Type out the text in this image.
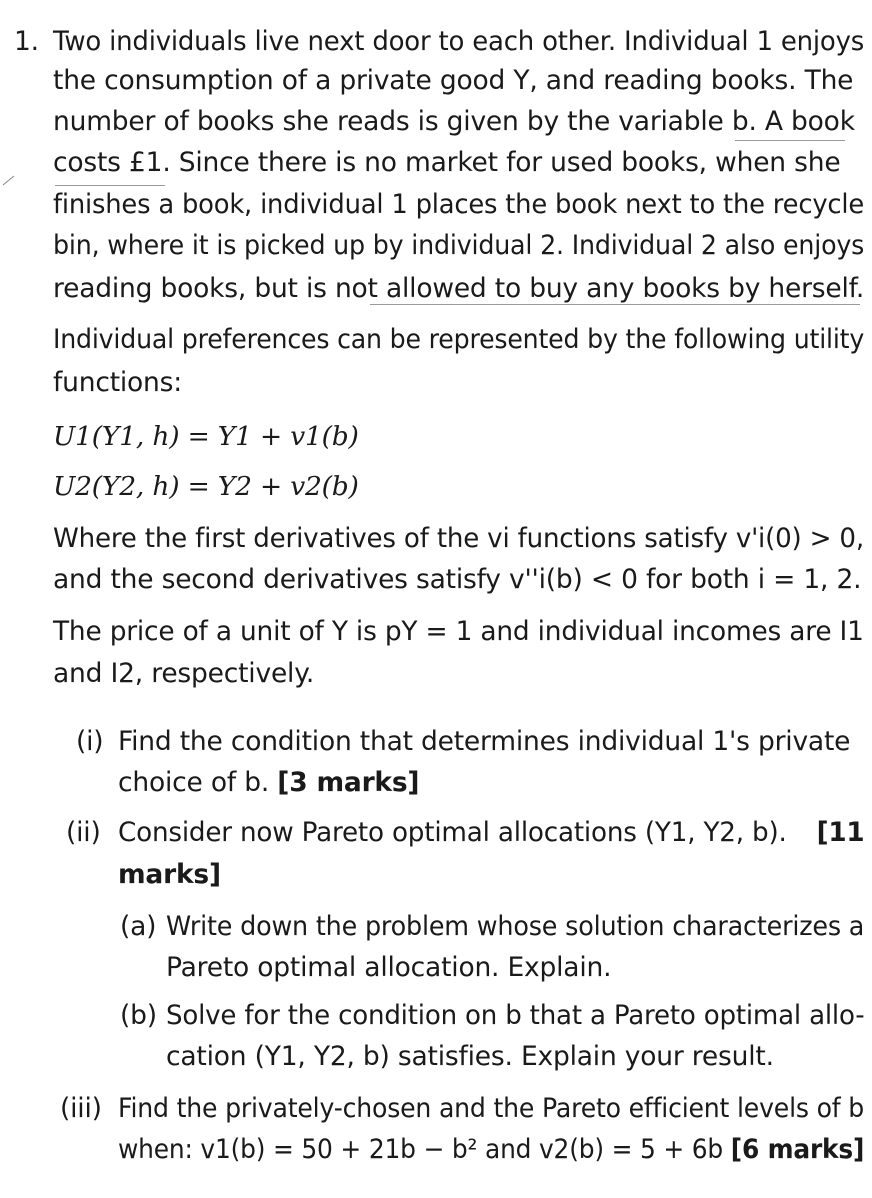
1. Two individuals live next door to each other. Individual 1 enjoys
the consumption of a private good Y, and reading books. The
number of books she reads is given by the variable b. A book
costs £1. Since there is no market for used books, when she
finishes a book, individual 1 places the book next to the recycle
bin, where it is picked up by individual 2. Individual 2 also enjoys
reading books, but is not allowed to buy any books by herself.
Individual preferences can be represented by the following utility
functions:
U1(Y1, h) = Y1 + v1(b)
U2(Y2, h) = Y2 + v2(b)
Where the first derivatives of the vi functions satisfy v'i(0) > 0,
and the second derivatives satisfy v''i(b) < 0 for both i = 1, 2.
The price of a unit of Y is pY = 1 and individual incomes are I1
and I2, respectively.
(i) Find the condition that determines individual 1's private
choice of b. [3 marks]
(ii) Consider now Pareto optimal allocations (Y1, Y2, b). [11
marks]
(a) Write down the problem whose solution characterizes a
Pareto optimal allocation. Explain.
(b) Solve for the condition on b that a Pareto optimal allo-
cation (Y1, Y2, b) satisfies. Explain your result.
(iii) Find the privately-chosen and the Pareto efficient levels of b
when: v1(b) = 50 + 21b − b² and v2(b) = 5 + 6b [6 marks]
